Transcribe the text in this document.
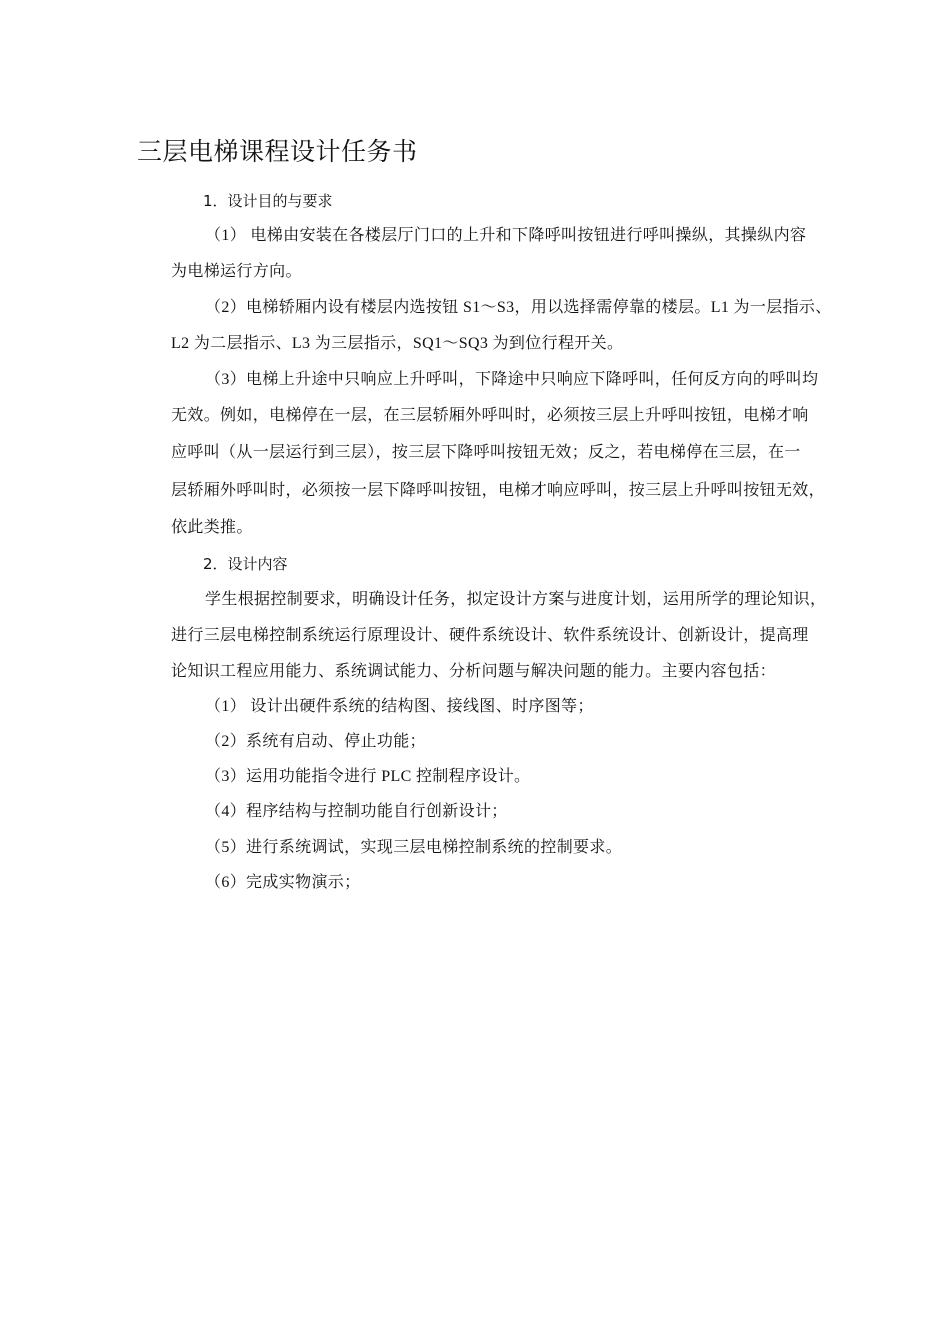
三层电梯课程设计任务书
1．设计目的与要求
（1） 电梯由安装在各楼层厅门口的上升和下降呼叫按钮进行呼叫操纵，其操纵内容
为电梯运行方向。
（2）电梯轿厢内设有楼层内选按钮 S1～S3，用以选择需停靠的楼层。L1 为一层指示、
L2 为二层指示、L3 为三层指示，SQ1～SQ3 为到位行程开关。
（3）电梯上升途中只响应上升呼叫，下降途中只响应下降呼叫，任何反方向的呼叫均
无效。例如，电梯停在一层，在三层轿厢外呼叫时，必须按三层上升呼叫按钮，电梯才响
应呼叫（从一层运行到三层），按三层下降呼叫按钮无效；反之，若电梯停在三层，在一
层轿厢外呼叫时，必须按一层下降呼叫按钮，电梯才响应呼叫，按三层上升呼叫按钮无效，
依此类推。
2．设计内容
学生根据控制要求，明确设计任务，拟定设计方案与进度计划，运用所学的理论知识，
进行三层电梯控制系统运行原理设计、硬件系统设计、软件系统设计、创新设计，提高理
论知识工程应用能力、系统调试能力、分析问题与解决问题的能力。主要内容包括：
（1） 设计出硬件系统的结构图、接线图、时序图等；
（2）系统有启动、停止功能；
（3）运用功能指令进行 PLC 控制程序设计。
（4）程序结构与控制功能自行创新设计；
（5）进行系统调试，实现三层电梯控制系统的控制要求。
（6）完成实物演示；
